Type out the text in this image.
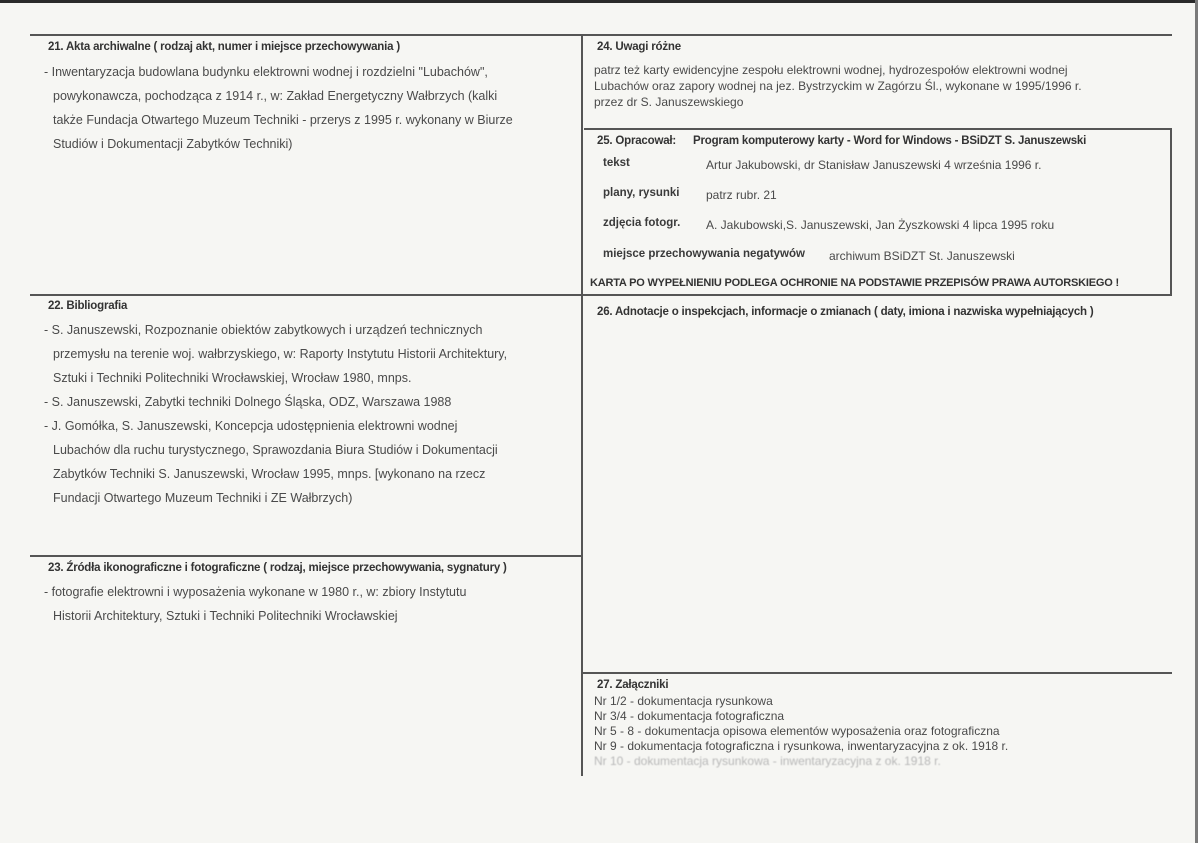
21. Akta archiwalne ( rodzaj akt, numer i miejsce przechowywania )
- Inwentaryzacja budowlana budynku elektrowni wodnej i rozdzielni "Lubachów",
powykonawcza, pochodząca z 1914 r., w: Zakład Energetyczny Wałbrzych (kalki
także Fundacja Otwartego Muzeum Techniki - przerys z 1995 r. wykonany w Biurze
Studiów i Dokumentacji Zabytków Techniki)
22. Bibliografia
- S. Januszewski, Rozpoznanie obiektów zabytkowych i urządzeń technicznych
przemysłu na terenie woj. wałbrzyskiego, w: Raporty Instytutu Historii Architektury,
Sztuki i Techniki Politechniki Wrocławskiej, Wrocław 1980, mnps.
- S. Januszewski, Zabytki techniki Dolnego Śląska, ODZ, Warszawa 1988
- J. Gomółka, S. Januszewski, Koncepcja udostępnienia elektrowni wodnej
Lubachów dla ruchu turystycznego, Sprawozdania Biura Studiów i Dokumentacji
Zabytków Techniki S. Januszewski, Wrocław 1995, mnps. [wykonano na rzecz
Fundacji Otwartego Muzeum Techniki i ZE Wałbrzych)
23. Źródła ikonograficzne i fotograficzne ( rodzaj, miejsce przechowywania, sygnatury )
- fotografie elektrowni i wyposażenia wykonane w 1980 r., w: zbiory Instytutu
Historii Architektury, Sztuki i Techniki Politechniki Wrocławskiej
24. Uwagi różne
patrz też karty ewidencyjne zespołu elektrowni wodnej, hydrozespołów elektrowni wodnej
Lubachów oraz zapory wodnej na jez. Bystrzyckim w Zagórzu Śl., wykonane w 1995/1996 r.
przez dr S. Januszewskiego
25. Opracował: Program komputerowy karty - Word for Windows - BSiDZT S. Januszewski
tekst	Artur Jakubowski, dr Stanisław Januszewski 4 września 1996 r.
plany, rysunki patrz rubr. 21
zdjęcia fotogr. A. Jakubowski,S. Januszewski, Jan Żyszkowski 4 lipca 1995 roku
miejsce przechowywania negatywów archiwum BSiDZT St. Januszewski
KARTA PO WYPEŁNIENIU PODLEGA OCHRONIE NA PODSTAWIE PRZEPISÓW PRAWA AUTORSKIEGO !
26. Adnotacje o inspekcjach, informacje o zmianach ( daty, imiona i nazwiska wypełniających )
27. Załączniki
Nr 1/2 - dokumentacja rysunkowa
Nr 3/4 - dokumentacja fotograficzna
Nr 5 - 8 - dokumentacja opisowa elementów wyposażenia oraz fotograficzna
Nr 9 - dokumentacja fotograficzna i rysunkowa, inwentaryzacyjna z ok. 1918 r.
Nr 10 - dokumentacja rysunkowa - inwentaryzacyjna z ok. 1918 r.
